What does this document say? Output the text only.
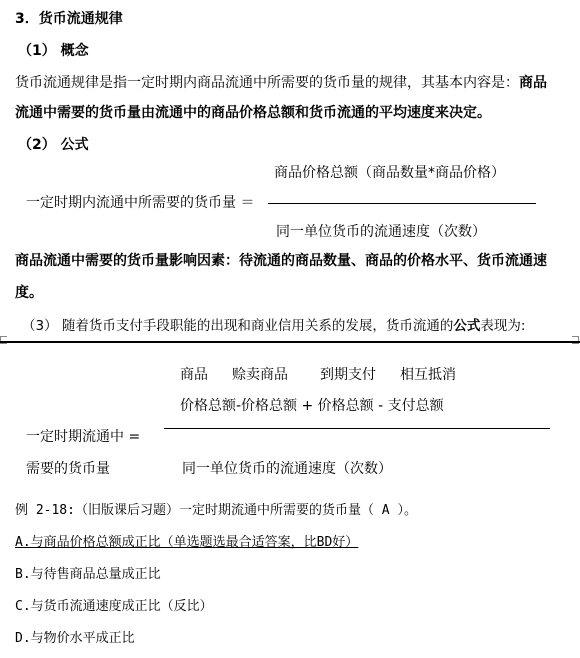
3．货币流通规律
（1） 概念
货币流通规律是指一定时期内商品流通中所需要的货币量的规律，其基本内容是：商品
流通中需要的货币量由流通中的商品价格总额和货币流通的平均速度来决定。
（2） 公式
商品价格总额（商品数量*商品价格）
一定时期内流通中所需要的货币量 ＝
同一单位货币的流通速度（次数）
商品流通中需要的货币量影响因素：待流通的商品数量、商品的价格水平、货币流通速
度。
（3） 随着货币支付手段职能的出现和商业信用关系的发展，货币流通的公式表现为:
商品 赊卖商品 到期支付 相互抵消
价格总额-价格总额 + 价格总额 - 支付总额
一定时期流通中 =
需要的货币量	同一单位货币的流通速度（次数）
例 2-18:（旧版课后习题）一定时期流通中所需要的货币量（ A ）。
A.与商品价格总额成正比（单选题选最合适答案，比BD好）
B.与待售商品总量成正比
C.与货币流通速度成正比（反比）
D.与物价水平成正比
